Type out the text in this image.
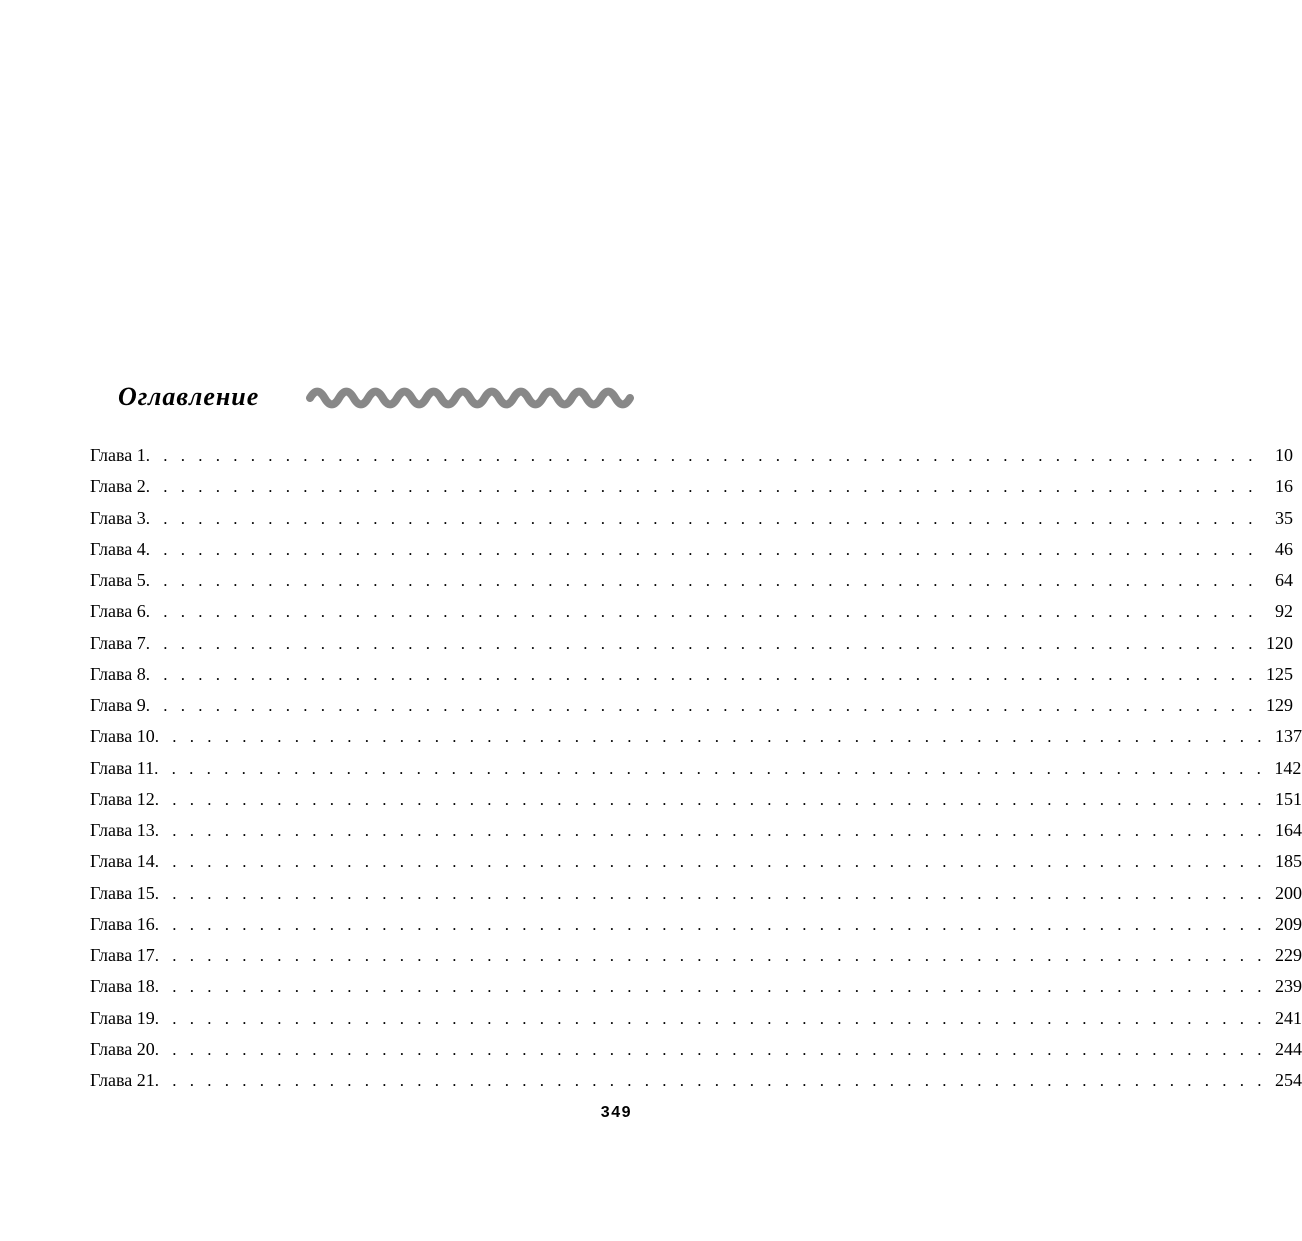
Оглавление
Глава 1 . . . . . . . . . . . . . . . . . . . . . . . . . . . . . . . . . . . . . . . . . . . . . . . . . . . . . . . . . . . . . . . .	10
Глава 2 . . . . . . . . . . . . . . . . . . . . . . . . . . . . . . . . . . . . . . . . . . . . . . . . . . . . . . . . . . . . . . . .	16
Глава 3 . . . . . . . . . . . . . . . . . . . . . . . . . . . . . . . . . . . . . . . . . . . . . . . . . . . . . . . . . . . . . . . .	35
Глава 4 . . . . . . . . . . . . . . . . . . . . . . . . . . . . . . . . . . . . . . . . . . . . . . . . . . . . . . . . . . . . . . . .	46
Глава 5 . . . . . . . . . . . . . . . . . . . . . . . . . . . . . . . . . . . . . . . . . . . . . . . . . . . . . . . . . . . . . . . .	64
Глава 6 . . . . . . . . . . . . . . . . . . . . . . . . . . . . . . . . . . . . . . . . . . . . . . . . . . . . . . . . . . . . . . . .	92
Глава 7 . . . . . . . . . . . . . . . . . . . . . . . . . . . . . . . . . . . . . . . . . . . . . . . . . . . . . . . . . . . . . . . . 120
Глава 8 . . . . . . . . . . . . . . . . . . . . . . . . . . . . . . . . . . . . . . . . . . . . . . . . . . . . . . . . . . . . . . . . 125
Глава 9 . . . . . . . . . . . . . . . . . . . . . . . . . . . . . . . . . . . . . . . . . . . . . . . . . . . . . . . . . . . . . . . . 129
Глава 10 . . . . . . . . . . . . . . . . . . . . . . . . . . . . . . . . . . . . . . . . . . . . . . . . . . . . . . . . . . . . . . . . 137
Глава 11 . . . . . . . . . . . . . . . . . . . . . . . . . . . . . . . . . . . . . . . . . . . . . . . . . . . . . . . . . . . . . . . . 142
Глава 12 . . . . . . . . . . . . . . . . . . . . . . . . . . . . . . . . . . . . . . . . . . . . . . . . . . . . . . . . . . . . . . . . 151
Глава 13 . . . . . . . . . . . . . . . . . . . . . . . . . . . . . . . . . . . . . . . . . . . . . . . . . . . . . . . . . . . . . . . . 164
Глава 14 . . . . . . . . . . . . . . . . . . . . . . . . . . . . . . . . . . . . . . . . . . . . . . . . . . . . . . . . . . . . . . . . 185
Глава 15 . . . . . . . . . . . . . . . . . . . . . . . . . . . . . . . . . . . . . . . . . . . . . . . . . . . . . . . . . . . . . . . . 200
Глава 16 . . . . . . . . . . . . . . . . . . . . . . . . . . . . . . . . . . . . . . . . . . . . . . . . . . . . . . . . . . . . . . . . 209
Глава 17 . . . . . . . . . . . . . . . . . . . . . . . . . . . . . . . . . . . . . . . . . . . . . . . . . . . . . . . . . . . . . . . . 229
Глава 18 . . . . . . . . . . . . . . . . . . . . . . . . . . . . . . . . . . . . . . . . . . . . . . . . . . . . . . . . . . . . . . . . 239
Глава 19 . . . . . . . . . . . . . . . . . . . . . . . . . . . . . . . . . . . . . . . . . . . . . . . . . . . . . . . . . . . . . . . . 241
Глава 20 . . . . . . . . . . . . . . . . . . . . . . . . . . . . . . . . . . . . . . . . . . . . . . . . . . . . . . . . . . . . . . . . 244
Глава 21 . . . . . . . . . . . . . . . . . . . . . . . . . . . . . . . . . . . . . . . . . . . . . . . . . . . . . . . . . . . . . . . . 254
349
